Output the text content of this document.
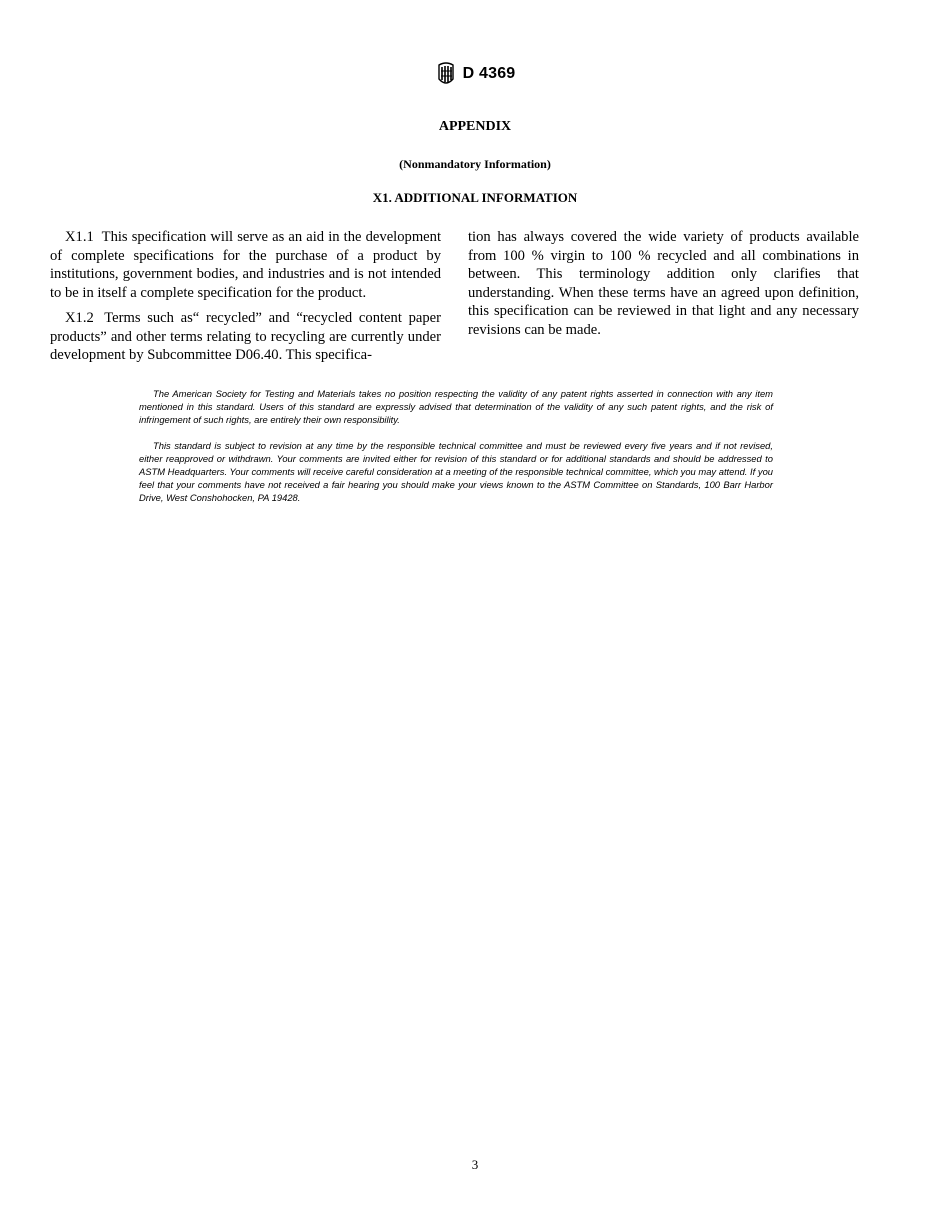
D 4369
APPENDIX
(Nonmandatory Information)
X1. ADDITIONAL INFORMATION

X1.1 This specification will serve as an aid in the development of complete specifications for the purchase of a product by institutions, government bodies, and industries and is not intended to be in itself a complete specification for the product.

X1.2 Terms such as“ recycled” and “recycled content paper products” and other terms relating to recycling are currently under development by Subcommittee D06.40. This specifica-

tion has always covered the wide variety of products available from 100 % virgin to 100 % recycled and all combinations in between. This terminology addition only clarifies that understanding. When these terms have an agreed upon definition, this specification can be reviewed in that light and any necessary revisions can be made.

The American Society for Testing and Materials takes no position respecting the validity of any patent rights asserted in connection with any item mentioned in this standard. Users of this standard are expressly advised that determination of the validity of any such patent rights, and the risk of infringement of such rights, are entirely their own responsibility.

This standard is subject to revision at any time by the responsible technical committee and must be reviewed every five years and if not revised, either reapproved or withdrawn. Your comments are invited either for revision of this standard or for additional standards and should be addressed to ASTM Headquarters. Your comments will receive careful consideration at a meeting of the responsible technical committee, which you may attend. If you feel that your comments have not received a fair hearing you should make your views known to the ASTM Committee on Standards, 100 Barr Harbor Drive, West Conshohocken, PA 19428.

3
